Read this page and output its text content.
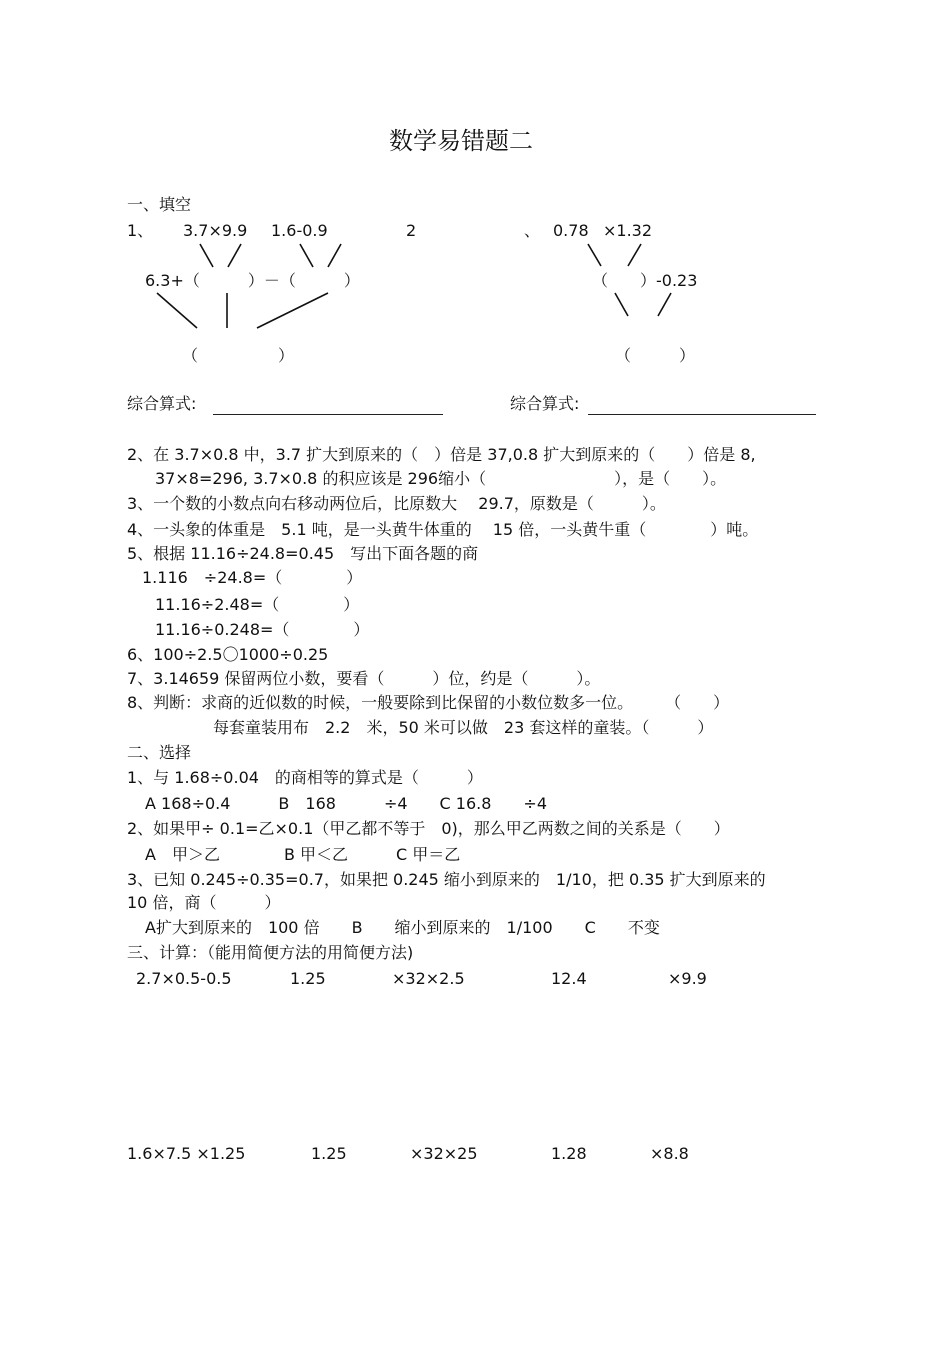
数学易错题二
一、填空
1、 3.7×9.9 1.6-0.9	2	、 0.78 ×1.32
6.3+（　　　）－（　　　）	（　　）-0.23
（　　　　　）	（　　　）
综合算式:	综合算式:
2、在 3.7×0.8 中，3.7 扩大到原来的（　）倍是 37,0.8 扩大到原来的（　　）倍是 8,
37×8=296, 3.7×0.8 的积应该是 296缩小（　　　　　　　　），是（　　）。
3、一个数的小数点向右移动两位后，比原数大　 29.7，原数是（　　　）。
4、一头象的体重是　5.1 吨，是一头黄牛体重的　 15 倍，一头黄牛重（　　　　）吨。
5、根据 11.16÷24.8=0.45　写出下面各题的商
1.116　÷24.8=（　　　　）
11.16÷2.48=（　　　　）
11.16÷0.248=（　　　　）
6、100÷2.5〇1000÷0.25
7、3.14659 保留两位小数，要看（　　　）位，约是（　　　）。
8、判断：求商的近似数的时候，一般要除到比保留的小数位数多一位。　　　（　　）
每套童装用布　2.2　米，50 米可以做　23 套这样的童装。（　　　）
二、选择
1、与 1.68÷0.04　的商相等的算式是（　　　）
A 168÷0.4　　　B　168　　　÷4　　C 16.8　　÷4
2、如果甲÷ 0.1=乙×0.1（甲乙都不等于　0)，那么甲乙两数之间的关系是（　　）
A　甲＞乙　　　　B 甲＜乙　　　C 甲＝乙
3、已知 0.245÷0.35=0.7，如果把 0.245 缩小到原来的　1/10，把 0.35 扩大到原来的
10 倍，商（　　　）
A扩大到原来的　100 倍　　B　　缩小到原来的　1/100　　C　　不变
三、计算：（能用简便方法的用简便方法)
2.7×0.5-0.5	1.25	×32×2.5	12.4	×9.9
1.6×7.5 ×1.25	1.25	×32×25	1.28	×8.8
